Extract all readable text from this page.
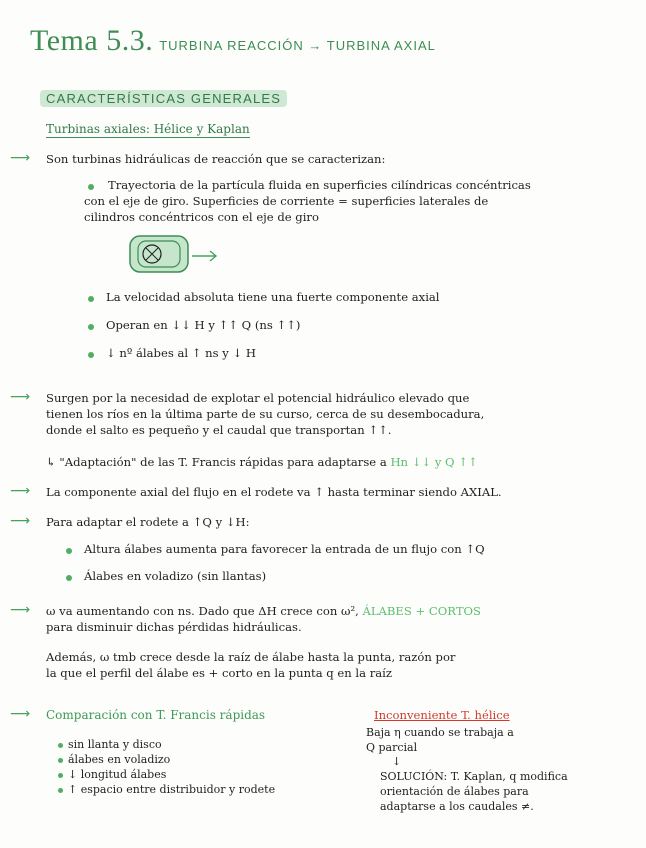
Tema 5.3. TURBINA REACCIÓN → TURBINA AXIAL
CARACTERÍSTICAS GENERALES
Turbinas axiales: Hélice y Kaplan
⟶ Son turbinas hidráulicas de reacción que se caracterizan:
Trayectoria de la partícula fluida en superficies cilíndricas concéntricas
con el eje de giro. Superficies de corriente = superficies laterales de
cilindros concéntricos con el eje de giro
La velocidad absoluta tiene una fuerte componente axial
Operan en ↓↓ H y ↑↑ Q (ns ↑↑)
↓ nº álabes al ↑ ns y ↓ H
⟶ Surgen por la necesidad de explotar el potencial hidráulico elevado que
tienen los ríos en la última parte de su curso, cerca de su desembocadura,
donde el salto es pequeño y el caudal que transportan ↑↑.
↳ "Adaptación" de las T. Francis rápidas para adaptarse a Hn ↓↓ y Q ↑↑
⟶ La componente axial del flujo en el rodete va ↑ hasta terminar siendo AXIAL.
⟶ Para adaptar el rodete a ↑Q y ↓H:
Altura álabes aumenta para favorecer la entrada de un flujo con ↑Q
Álabes en voladizo (sin llantas)
⟶ ω va aumentando con ns. Dado que ΔH crece con ω², ÁLABES + CORTOS
para disminuir dichas pérdidas hidráulicas.
Además, ω tmb crece desde la raíz de álabe hasta la punta, razón por
la que el perfil del álabe es + corto en la punta q en la raíz
⟶ Comparación con T. Francis rápidas
sin llanta y disco
álabes en voladizo
↓ longitud álabes
↑ espacio entre distribuidor y rodete
Inconveniente T. hélice
Baja η cuando se trabaja a
Q parcial
↓
SOLUCIÓN: T. Kaplan, q modifica
orientación de álabes para
adaptarse a los caudales ≠.
